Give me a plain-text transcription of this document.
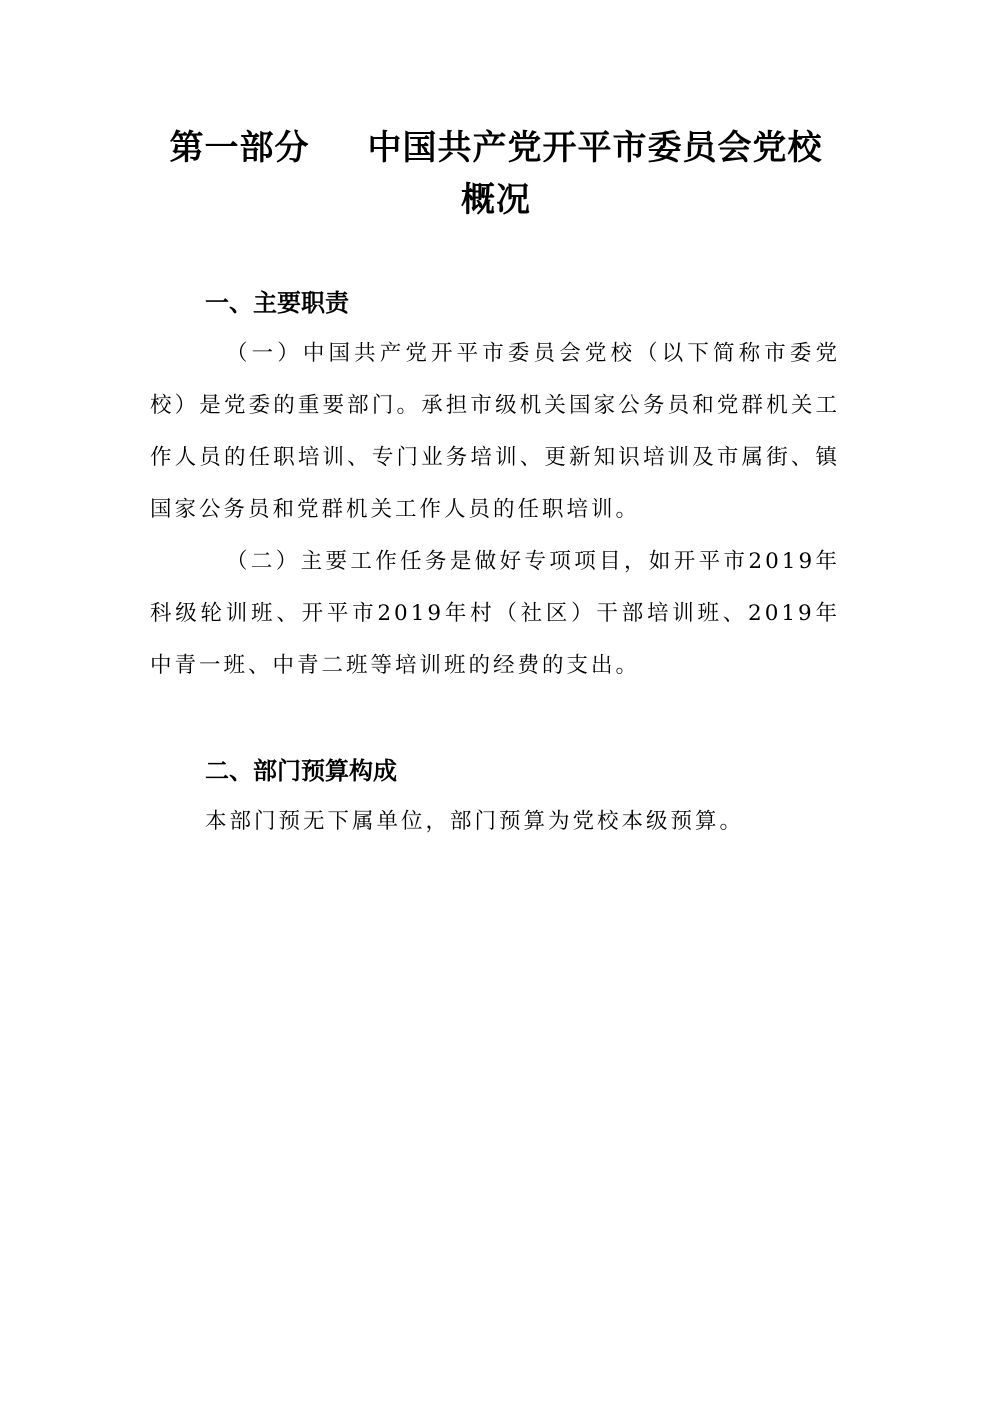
第一部分 中国共产党开平市委员会党校
概况
一、主要职责

（一）中国共产党开平市委员会党校（以下简称市委党校）是党委的重要部门。承担市级机关国家公务员和党群机关工作人员的任职培训、专门业务培训、更新知识培训及市属街、镇国家公务员和党群机关工作人员的任职培训。

（二）主要工作任务是做好专项项目，如开平市2019年科级轮训班、开平市2019年村（社区）干部培训班、2019年中青一班、中青二班等培训班的经费的支出。

二、部门预算构成

本部门预无下属单位，部门预算为党校本级预算。
